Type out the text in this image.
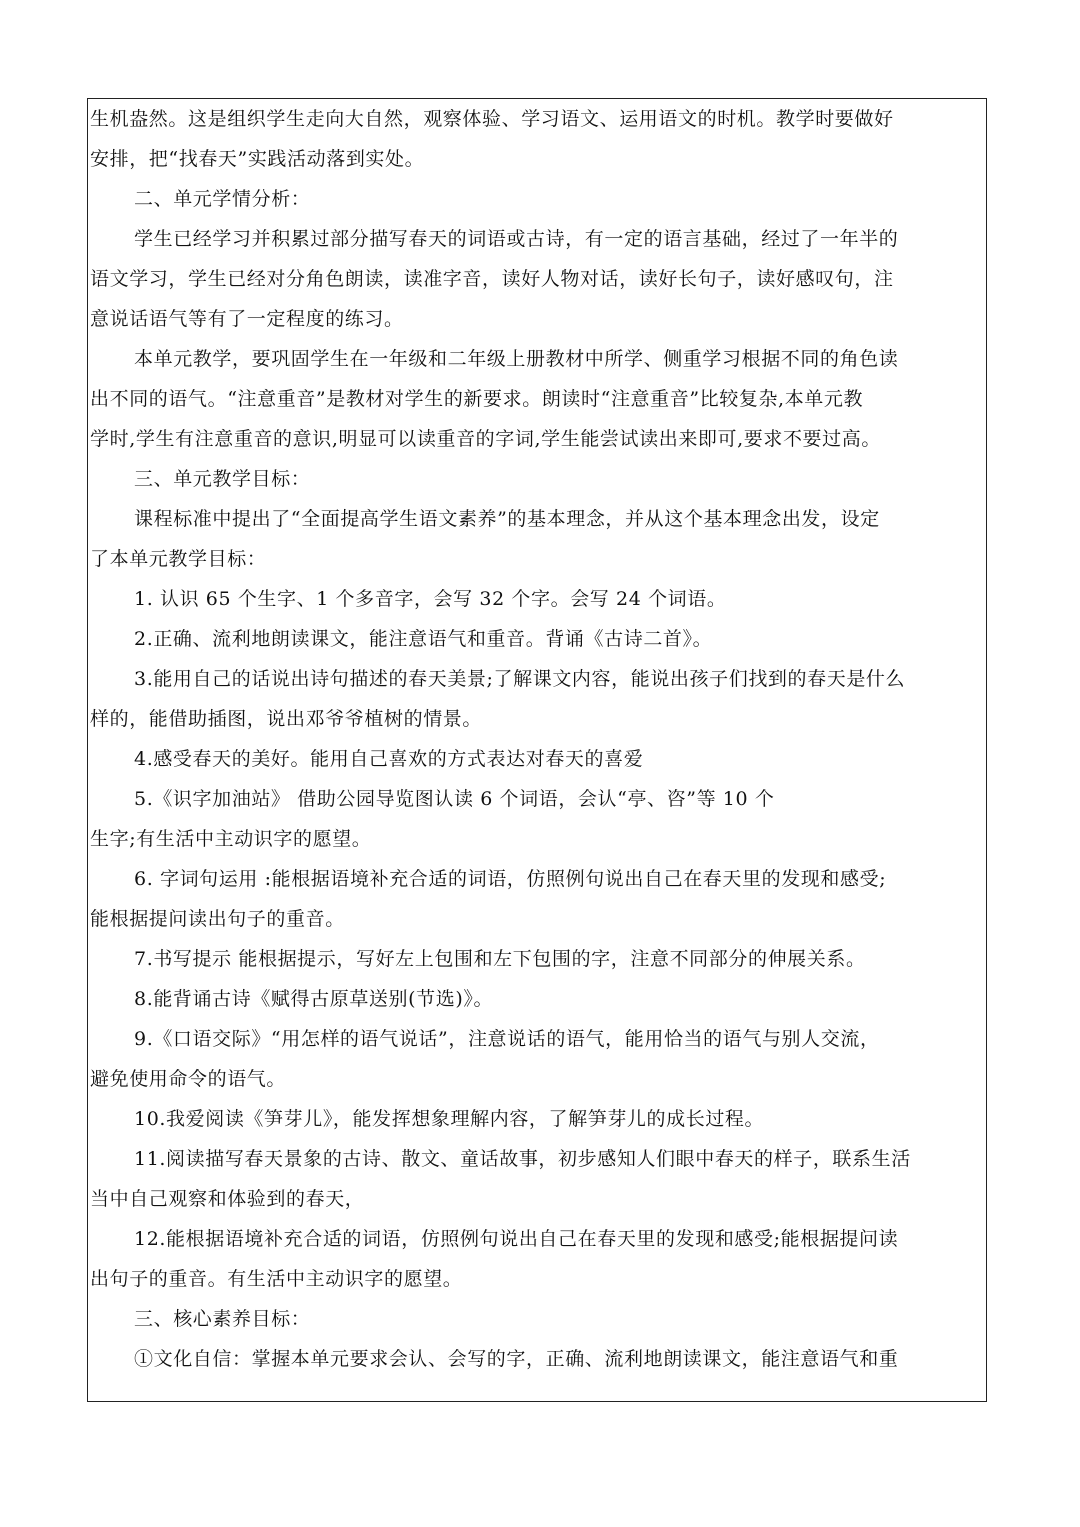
生机盎然。这是组织学生走向大自然，观察体验、学习语文、运用语文的时机。教学时要做好
安排，把“找春天”实践活动落到实处。
二、单元学情分析：
学生已经学习并积累过部分描写春天的词语或古诗，有一定的语言基础，经过了一年半的
语文学习，学生已经对分角色朗读，读准字音，读好人物对话，读好长句子，读好感叹句，注
意说话语气等有了一定程度的练习。
本单元教学，要巩固学生在一年级和二年级上册教材中所学、侧重学习根据不同的角色读
出不同的语气。“注意重音”是教材对学生的新要求。朗读时“注意重音”比较复杂,本单元教
学时,学生有注意重音的意识,明显可以读重音的字词,学生能尝试读出来即可,要求不要过高。
三、单元教学目标：
课程标准中提出了“全面提高学生语文素养”的基本理念，并从这个基本理念出发，设定
了本单元教学目标：
1. 认识 65 个生字、1 个多音字，会写 32 个字。会写 24 个词语。
2.正确、流利地朗读课文，能注意语气和重音。背诵《古诗二首》。
3.能用自己的话说出诗句描述的春天美景;了解课文内容，能说出孩子们找到的春天是什么
样的，能借助插图，说出邓爷爷植树的情景。
4.感受春天的美好。能用自己喜欢的方式表达对春天的喜爱
5.《识字加油站》 借助公园导览图认读 6 个词语，会认“亭、咨”等 10 个
生字;有生活中主动识字的愿望。
6. 字词句运用 :能根据语境补充合适的词语，仿照例句说出自己在春天里的发现和感受;
能根据提问读出句子的重音。
7.书写提示 能根据提示，写好左上包围和左下包围的字，注意不同部分的伸展关系。
8.能背诵古诗《赋得古原草送别(节选)》。
9.《口语交际》“用怎样的语气说话”，注意说话的语气，能用恰当的语气与别人交流，
避免使用命令的语气。
10.我爱阅读《笋芽儿》，能发挥想象理解内容，了解笋芽儿的成长过程。
11.阅读描写春天景象的古诗、散文、童话故事，初步感知人们眼中春天的样子，联系生活
当中自己观察和体验到的春天，
12.能根据语境补充合适的词语，仿照例句说出自己在春天里的发现和感受;能根据提问读
出句子的重音。有生活中主动识字的愿望。
三、核心素养目标：
①文化自信：掌握本单元要求会认、会写的字，正确、流利地朗读课文，能注意语气和重
